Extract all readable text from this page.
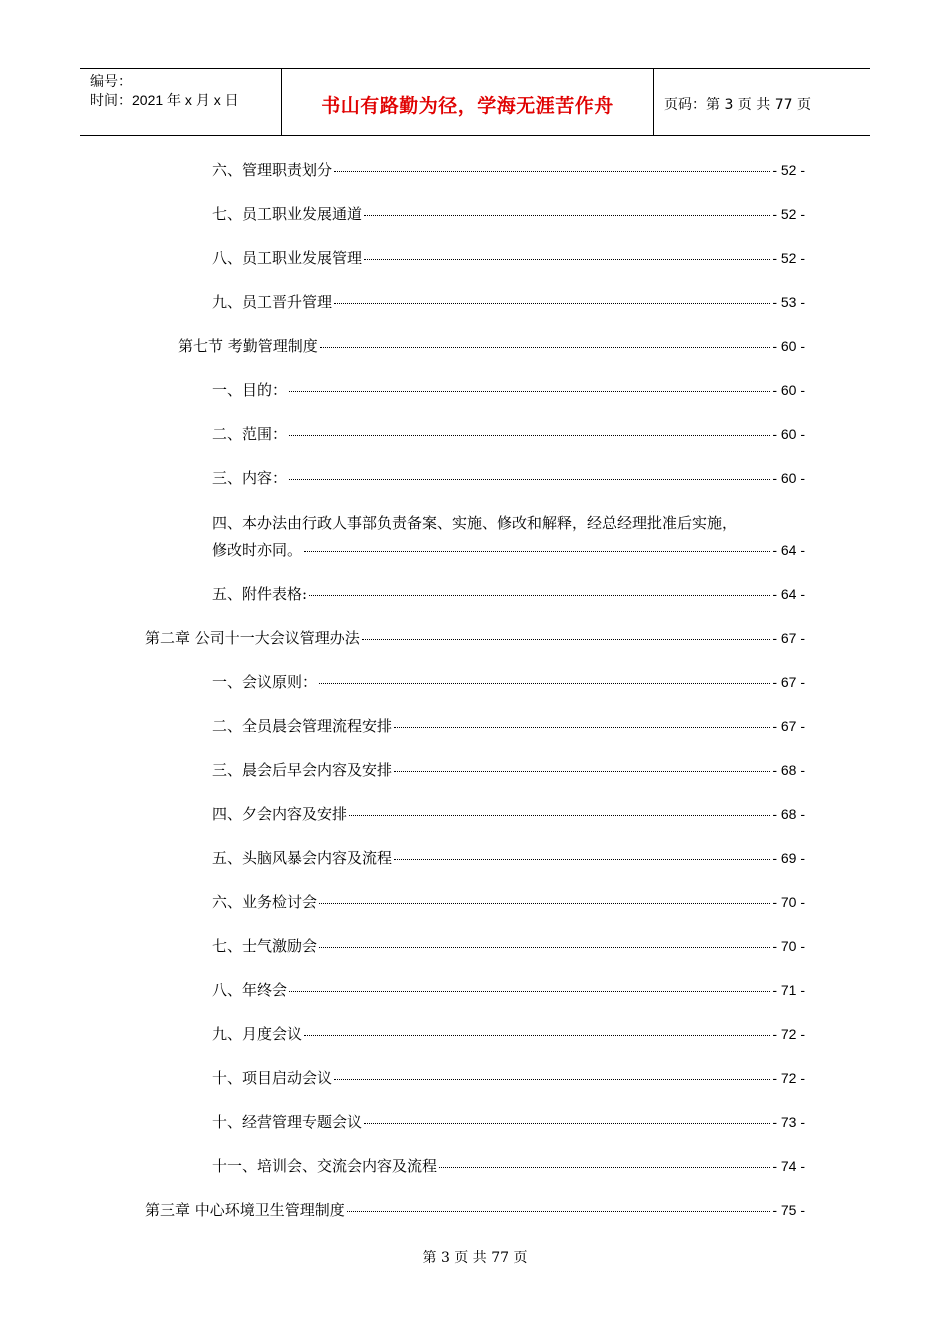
编号：
时间：2021 年 x 月 x 日	书山有路勤为径，学海无涯苦作舟	页码：第 3 页 共 77 页
六、管理职责划分	- 52 -
七、员工职业发展通道	- 52 -
八、员工职业发展管理	- 52 -
九、员工晋升管理	- 53 -
第七节 考勤管理制度	- 60 -
一、目的：	- 60 -
二、范围：	- 60 -
三、内容：	- 60 -
四、本办法由行政人事部负责备案、实施、修改和解释，经总经理批准后实施，
修改时亦同。	- 64 -
五、附件表格:	- 64 -
第二章 公司十一大会议管理办法	- 67 -
一、会议原则：	- 67 -
二、全员晨会管理流程安排	- 67 -
三、晨会后早会内容及安排	- 68 -
四、夕会内容及安排	- 68 -
五、头脑风暴会内容及流程	- 69 -
六、业务检讨会	- 70 -
七、士气激励会	- 70 -
八、年终会	- 71 -
九、月度会议	- 72 -
十、项目启动会议	- 72 -
十、经营管理专题会议	- 73 -
十一、培训会、交流会内容及流程	- 74 -
第三章 中心环境卫生管理制度	- 75 -
第 3 页 共 77 页
